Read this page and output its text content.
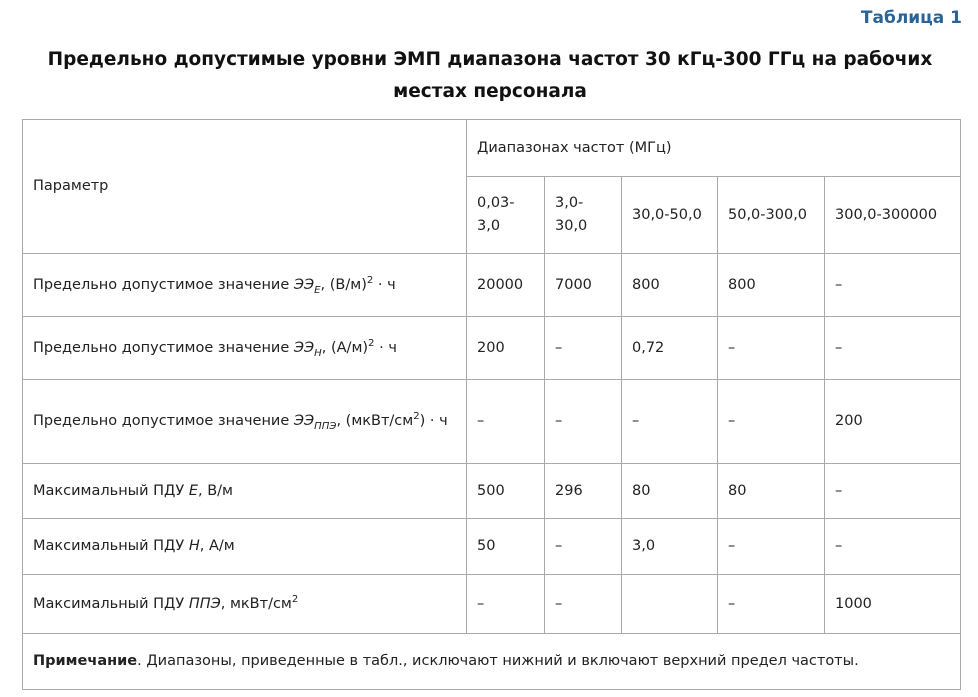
Таблица 1
Предельно допустимые уровни ЭМП диапазона частот 30 кГц-300 ГГц на рабочих местах персонала
Параметр	Диапазонах частот (МГц)				
	0,03-3,0	3,0-30,0	30,0-50,0	50,0-300,0	300,0-300000
Предельно допустимое значение $ЭЭ_E$, $(В/м)^2 \cdot ч$	20000	7000	800	800	–
Предельно допустимое значение $ЭЭ_H$, $(А/м)^2 \cdot ч$	200	–	0,72	–	–
Предельно допустимое значение $ЭЭ_{ППЭ}$, $(мкВт/см^2) \cdot ч$	–	–	–	–	200
Максимальный ПДУ E, В/м	500	296	80	80	–
Максимальный ПДУ H, А/м	50	–	3,0	–	–
Максимальный ПДУ ППЭ, мкВт/$см^2$	–	–		–	1000
Примечание. Диапазоны, приведенные в табл., исключают нижний и включают верхний предел частоты.					
